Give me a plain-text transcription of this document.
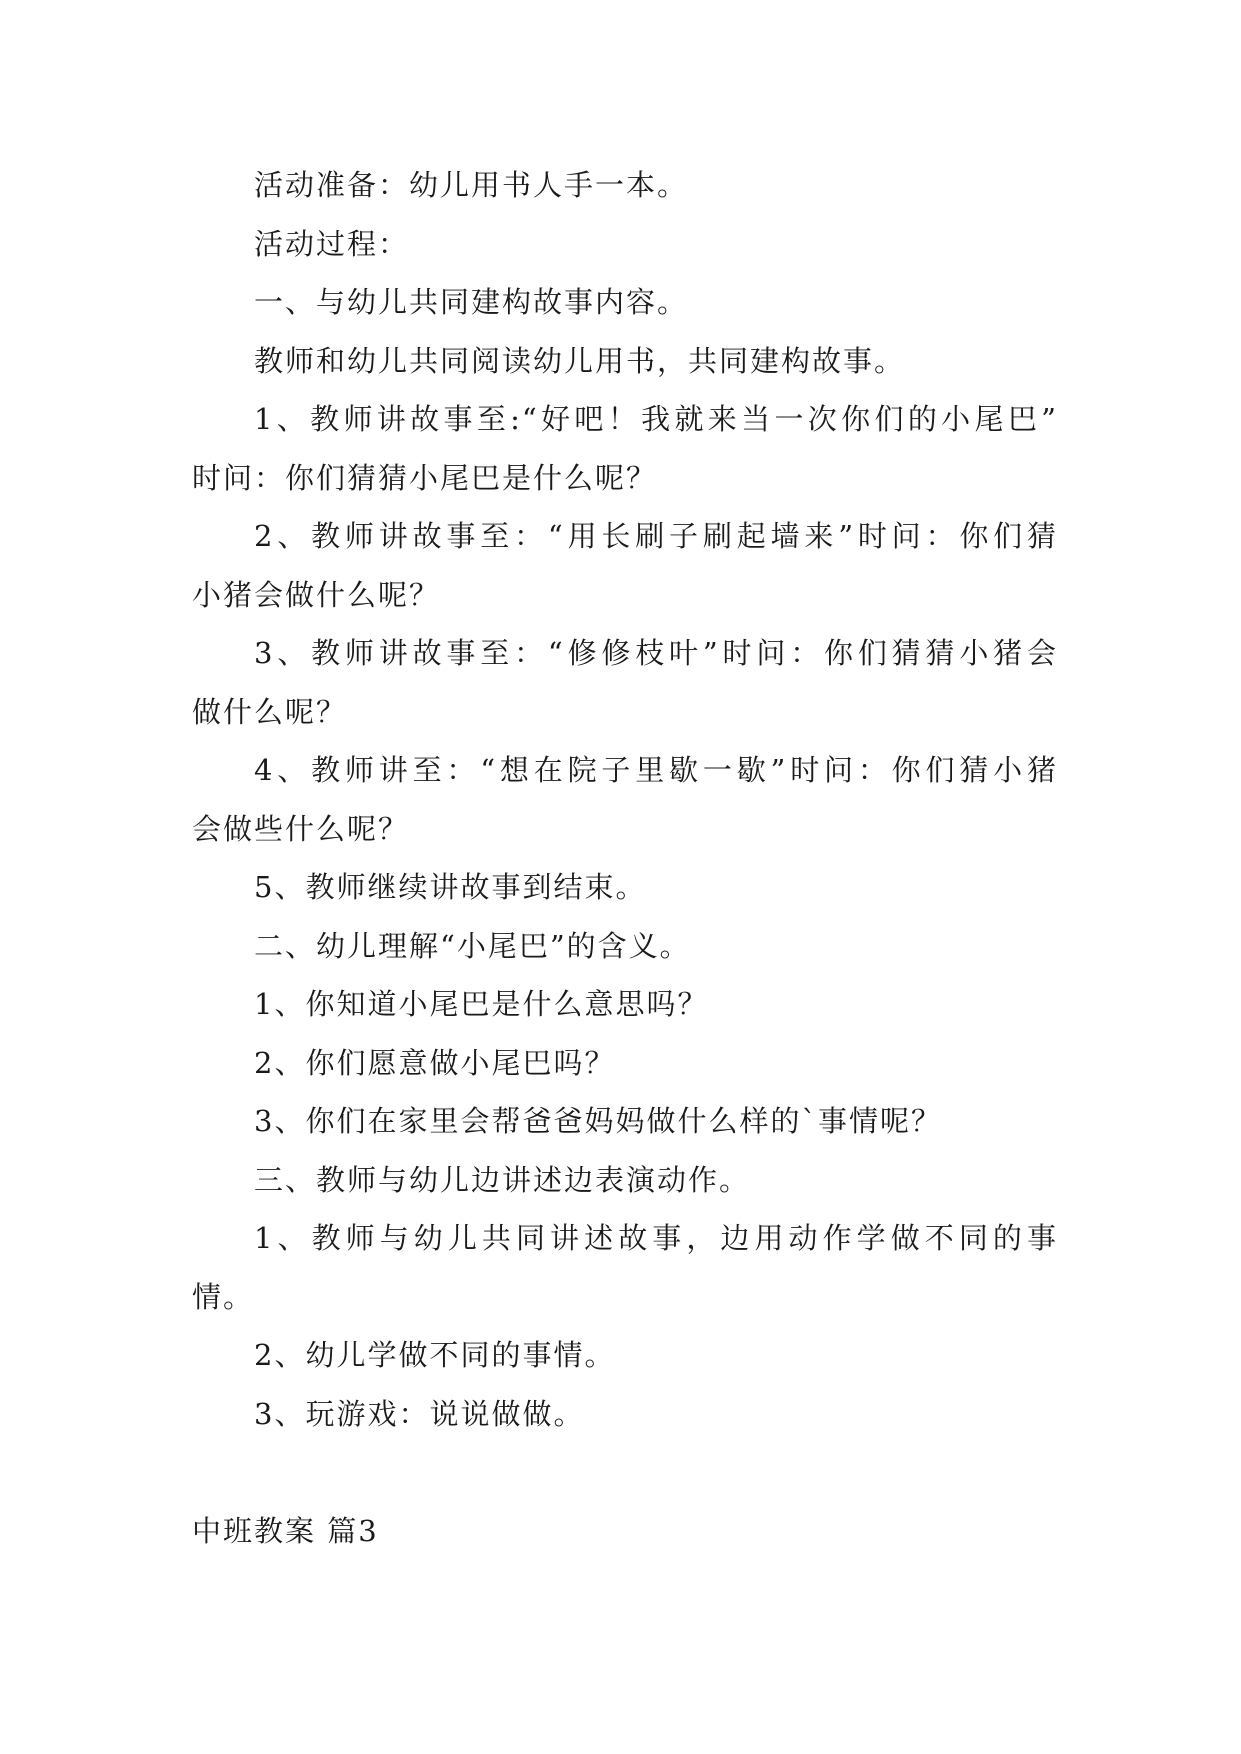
活动准备：幼儿用书人手一本。
活动过程：
一、与幼儿共同建构故事内容。
教师和幼儿共同阅读幼儿用书，共同建构故事。
1、教师讲故事至:“好吧！我就来当一次你们的小尾巴”
时问：你们猜猜小尾巴是什么呢？
2、教师讲故事至：“用长刷子刷起墙来”时问：你们猜
小猪会做什么呢？
3、教师讲故事至：“修修枝叶”时问：你们猜猜小猪会
做什么呢？
4、教师讲至：“想在院子里歇一歇”时问：你们猜小猪
会做些什么呢？
5、教师继续讲故事到结束。
二、幼儿理解“小尾巴”的含义。
1、你知道小尾巴是什么意思吗？
2、你们愿意做小尾巴吗？
3、你们在家里会帮爸爸妈妈做什么样的`事情呢？
三、教师与幼儿边讲述边表演动作。
1、教师与幼儿共同讲述故事，边用动作学做不同的事
情。
2、幼儿学做不同的事情。
3、玩游戏：说说做做。
中班教案 篇3
